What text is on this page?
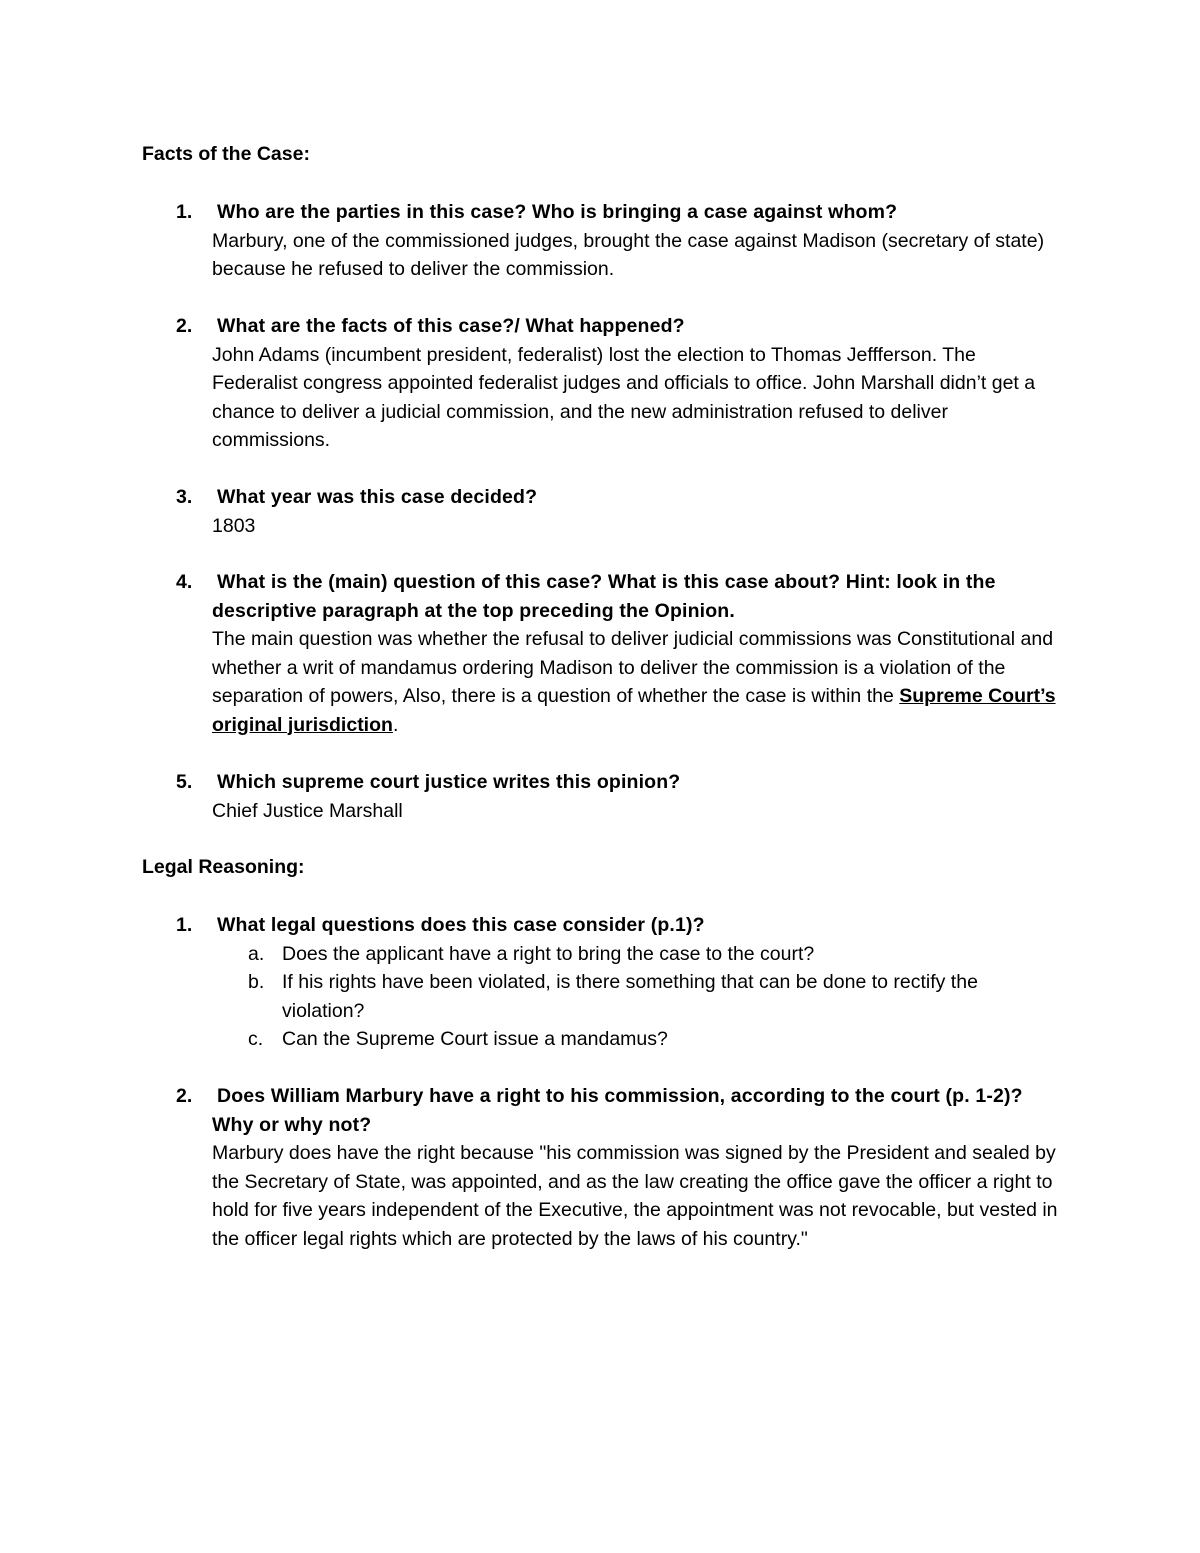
Facts of the Case:
1. Who are the parties in this case? Who is bringing a case against whom?

Marbury, one of the commissioned judges, brought the case against Madison (secretary of state) because he refused to deliver the commission.

2. What are the facts of this case?/ What happened?

John Adams (incumbent president, federalist) lost the election to Thomas Jeffferson. The Federalist congress appointed federalist judges and officials to office. John Marshall didn’t get a chance to deliver a judicial commission, and the new administration refused to deliver commissions.

3. What year was this case decided?

1803

4. What is the (main) question of this case? What is this case about? Hint: look in the descriptive paragraph at the top preceding the Opinion.

The main question was whether the refusal to deliver judicial commissions was Constitutional and whether a writ of mandamus ordering Madison to deliver the commission is a violation of the separation of powers, Also, there is a question of whether the case is within the Supreme Court’s original jurisdiction.

5. Which supreme court justice writes this opinion?

Chief Justice Marshall

Legal Reasoning:
1. What legal questions does this case consider (p.1)?

a. Does the applicant have a right to bring the case to the court?
b. If his rights have been violated, is there something that can be done to rectify the violation?
c. Can the Supreme Court issue a mandamus?
2. Does William Marbury have a right to his commission, according to the court (p. 1-2)? Why or why not?

Marbury does have the right because "his commission was signed by the President and sealed by the Secretary of State, was appointed, and as the law creating the office gave the officer a right to hold for five years independent of the Executive, the appointment was not revocable, but vested in the officer legal rights which are protected by the laws of his country."
